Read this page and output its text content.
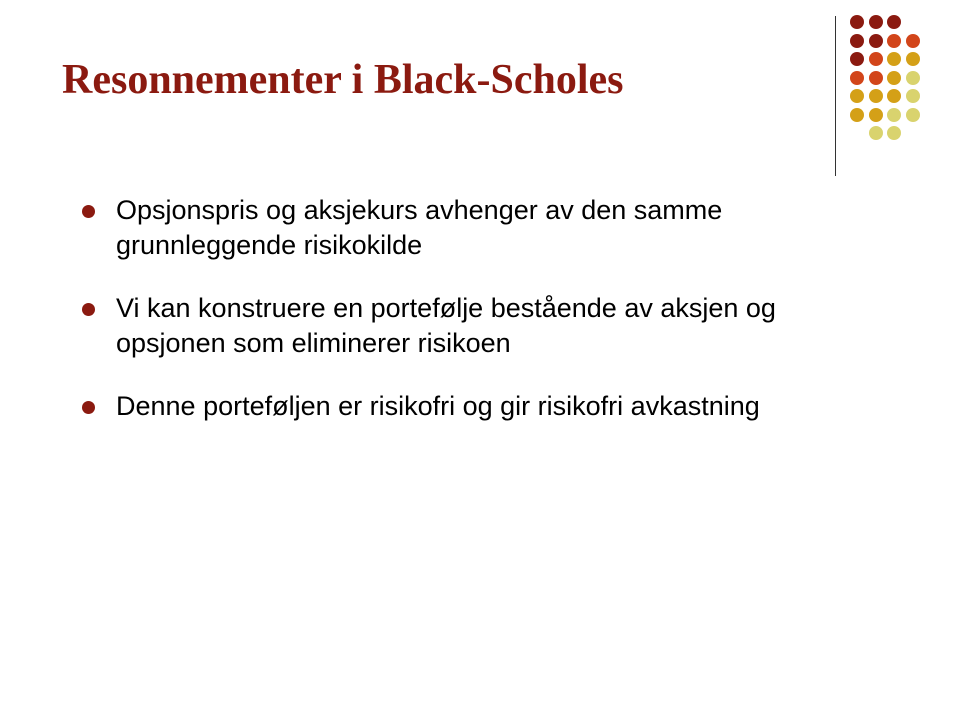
Resonnementer i Black-Scholes
Opsjonspris og aksjekurs avhenger av den samme grunnleggende risikokilde
Vi kan konstruere en portefølje bestående av aksjen og opsjonen som eliminerer risikoen
Denne porteføljen er risikofri og gir risikofri avkastning
